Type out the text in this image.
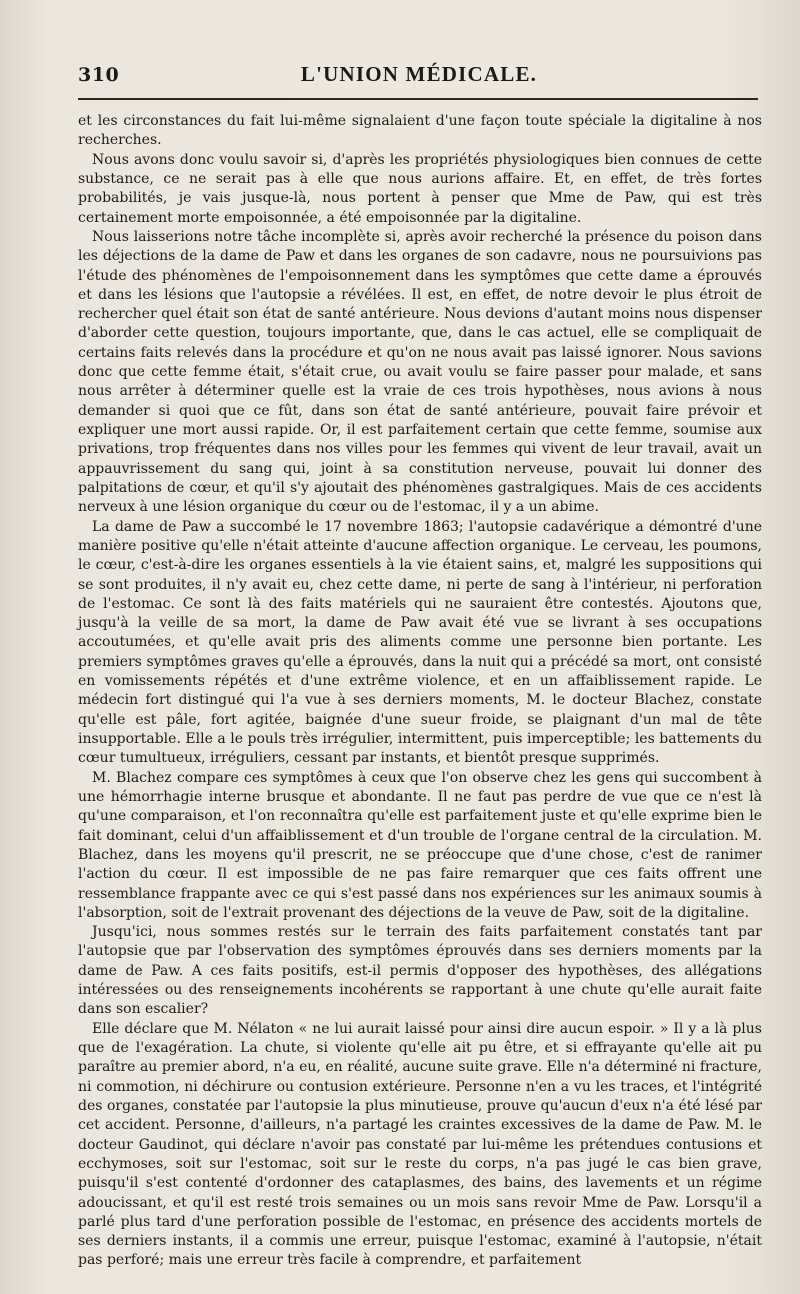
310	L'UNION MÉDICALE.

et les circonstances du fait lui-même signalaient d'une façon toute spéciale la digitaline à nos recherches.

Nous avons donc voulu savoir si, d'après les propriétés physiologiques bien connues de cette substance, ce ne serait pas à elle que nous aurions affaire. Et, en effet, de très fortes probabilités, je vais jusque-là, nous portent à penser que Mme de Paw, qui est très certainement morte empoisonnée, a été empoisonnée par la digitaline.

Nous laisserions notre tâche incomplète si, après avoir recherché la présence du poison dans les déjections de la dame de Paw et dans les organes de son cadavre, nous ne poursuivions pas l'étude des phénomènes de l'empoisonnement dans les symptômes que cette dame a éprouvés et dans les lésions que l'autopsie a révélées. Il est, en effet, de notre devoir le plus étroit de rechercher quel était son état de santé antérieure. Nous devions d'autant moins nous dispenser d'aborder cette question, toujours importante, que, dans le cas actuel, elle se compliquait de certains faits relevés dans la procédure et qu'on ne nous avait pas laissé ignorer. Nous savions donc que cette femme était, s'était crue, ou avait voulu se faire passer pour malade, et sans nous arrêter à déterminer quelle est la vraie de ces trois hypothèses, nous avions à nous demander si quoi que ce fût, dans son état de santé antérieure, pouvait faire prévoir et expliquer une mort aussi rapide. Or, il est parfaitement certain que cette femme, soumise aux privations, trop fréquentes dans nos villes pour les femmes qui vivent de leur travail, avait un appauvrissement du sang qui, joint à sa constitution nerveuse, pouvait lui donner des palpitations de cœur, et qu'il s'y ajoutait des phénomènes gastralgiques. Mais de ces accidents nerveux à une lésion organique du cœur ou de l'estomac, il y a un abime.

La dame de Paw a succombé le 17 novembre 1863; l'autopsie cadavérique a démontré d'une manière positive qu'elle n'était atteinte d'aucune affection organique. Le cerveau, les poumons, le cœur, c'est-à-dire les organes essentiels à la vie étaient sains, et, malgré les suppositions qui se sont produites, il n'y avait eu, chez cette dame, ni perte de sang à l'intérieur, ni perforation de l'estomac. Ce sont là des faits matériels qui ne sauraient être contestés. Ajoutons que, jusqu'à la veille de sa mort, la dame de Paw avait été vue se livrant à ses occupations accoutumées, et qu'elle avait pris des aliments comme une personne bien portante. Les premiers symptômes graves qu'elle a éprouvés, dans la nuit qui a précédé sa mort, ont consisté en vomissements répétés et d'une extrême violence, et en un affaiblissement rapide. Le médecin fort distingué qui l'a vue à ses derniers moments, M. le docteur Blachez, constate qu'elle est pâle, fort agitée, baignée d'une sueur froide, se plaignant d'un mal de tête insupportable. Elle a le pouls très irrégulier, intermittent, puis imperceptible; les battements du cœur tumultueux, irréguliers, cessant par instants, et bientôt presque supprimés.

M. Blachez compare ces symptômes à ceux que l'on observe chez les gens qui succombent à une hémorrhagie interne brusque et abondante. Il ne faut pas perdre de vue que ce n'est là qu'une comparaison, et l'on reconnaîtra qu'elle est parfaitement juste et qu'elle exprime bien le fait dominant, celui d'un affaiblissement et d'un trouble de l'organe central de la circulation. M. Blachez, dans les moyens qu'il prescrit, ne se préoccupe que d'une chose, c'est de ranimer l'action du cœur. Il est impossible de ne pas faire remarquer que ces faits offrent une ressemblance frappante avec ce qui s'est passé dans nos expériences sur les animaux soumis à l'absorption, soit de l'extrait provenant des déjections de la veuve de Paw, soit de la digitaline.

Jusqu'ici, nous sommes restés sur le terrain des faits parfaitement constatés tant par l'autopsie que par l'observation des symptômes éprouvés dans ses derniers moments par la dame de Paw. A ces faits positifs, est-il permis d'opposer des hypothèses, des allégations intéressées ou des renseignements incohérents se rapportant à une chute qu'elle aurait faite dans son escalier?

Elle déclare que M. Nélaton « ne lui aurait laissé pour ainsi dire aucun espoir. » Il y a là plus que de l'exagération. La chute, si violente qu'elle ait pu être, et si effrayante qu'elle ait pu paraître au premier abord, n'a eu, en réalité, aucune suite grave. Elle n'a déterminé ni fracture, ni commotion, ni déchirure ou contusion extérieure. Personne n'en a vu les traces, et l'intégrité des organes, constatée par l'autopsie la plus minutieuse, prouve qu'aucun d'eux n'a été lésé par cet accident. Personne, d'ailleurs, n'a partagé les craintes excessives de la dame de Paw. M. le docteur Gaudinot, qui déclare n'avoir pas constaté par lui-même les prétendues contusions et ecchymoses, soit sur l'estomac, soit sur le reste du corps, n'a pas jugé le cas bien grave, puisqu'il s'est contenté d'ordonner des cataplasmes, des bains, des lavements et un régime adoucissant, et qu'il est resté trois semaines ou un mois sans revoir Mme de Paw. Lorsqu'il a parlé plus tard d'une perforation possible de l'estomac, en présence des accidents mortels de ses derniers instants, il a commis une erreur, puisque l'estomac, examiné à l'autopsie, n'était pas perforé; mais une erreur très facile à comprendre, et parfaitement
